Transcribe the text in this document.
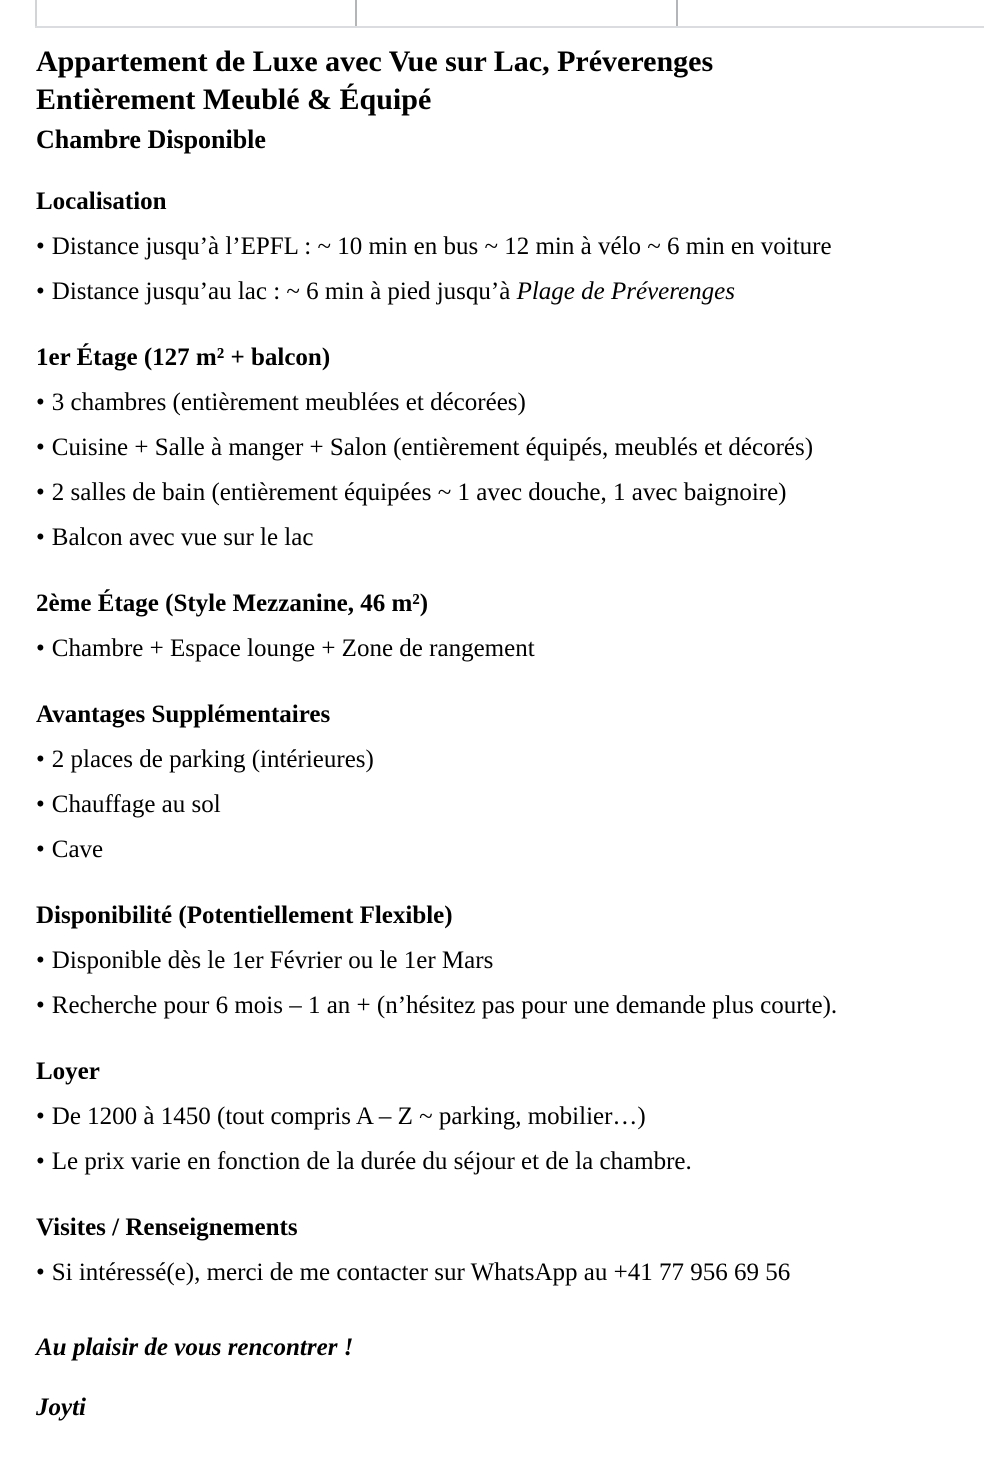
Appartement de Luxe avec Vue sur Lac, Préverenges
Entièrement Meublé & Équipé
Chambre Disponible
Localisation
• Distance jusqu’à l’EPFL : ~ 10 min en bus ~ 12 min à vélo ~ 6 min en voiture
• Distance jusqu’au lac : ~ 6 min à pied jusqu’à Plage de Préverenges
1er Étage (127 m² + balcon)
• 3 chambres (entièrement meublées et décorées)
• Cuisine + Salle à manger + Salon (entièrement équipés, meublés et décorés)
• 2 salles de bain (entièrement équipées ~ 1 avec douche, 1 avec baignoire)
• Balcon avec vue sur le lac
2ème Étage (Style Mezzanine, 46 m²)
• Chambre + Espace lounge + Zone de rangement
Avantages Supplémentaires
• 2 places de parking (intérieures)
• Chauffage au sol
• Cave
Disponibilité (Potentiellement Flexible)
• Disponible dès le 1er Février ou le 1er Mars
• Recherche pour 6 mois – 1 an + (n’hésitez pas pour une demande plus courte).
Loyer
• De 1200 à 1450 (tout compris A – Z ~ parking, mobilier…)
• Le prix varie en fonction de la durée du séjour et de la chambre.
Visites / Renseignements
• Si intéressé(e), merci de me contacter sur WhatsApp au +41 77 956 69 56
Au plaisir de vous rencontrer !
Joyti
